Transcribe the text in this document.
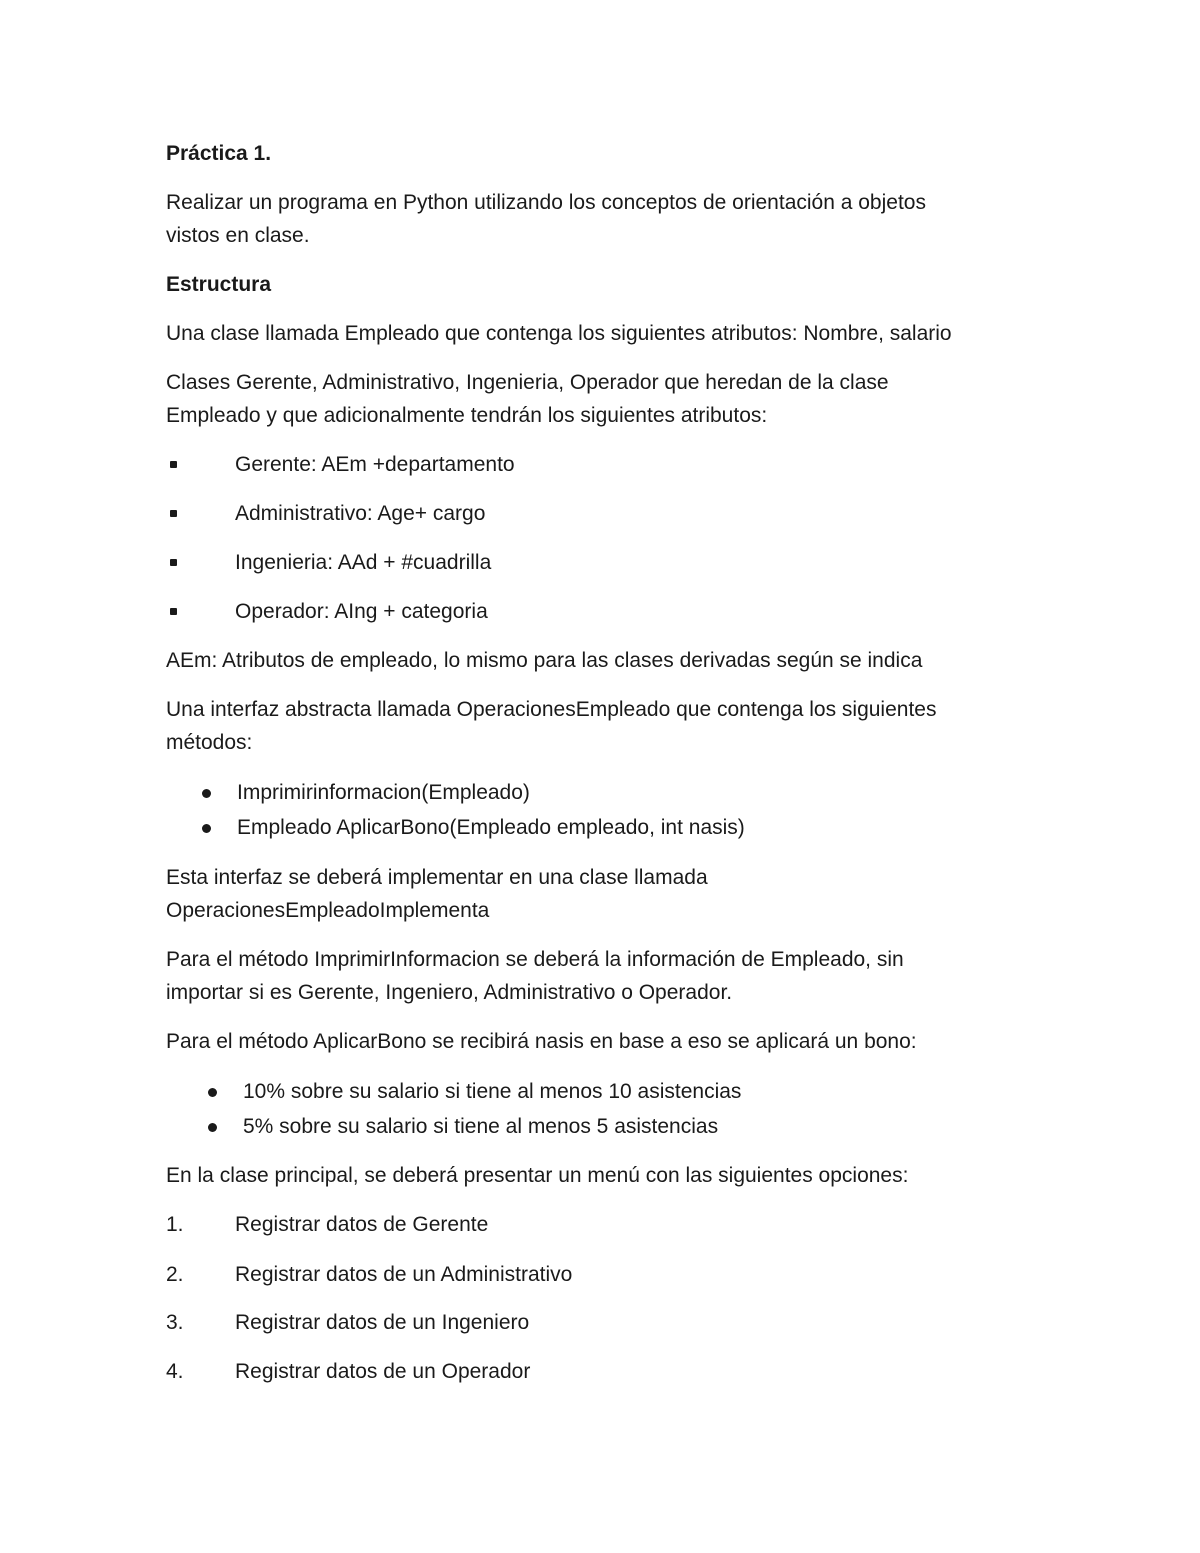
Práctica 1.

Realizar un programa en Python utilizando los conceptos de orientación a objetos

vistos en clase.

Estructura

Una clase llamada Empleado que contenga los siguientes atributos: Nombre, salario

Clases Gerente, Administrativo, Ingenieria, Operador que heredan de la clase

Empleado y que adicionalmente tendrán los siguientes atributos:

Gerente: AEm +departamento

Administrativo: Age+ cargo

Ingenieria: AAd + #cuadrilla

Operador: AIng + categoria

AEm: Atributos de empleado, lo mismo para las clases derivadas según se indica

Una interfaz abstracta llamada OperacionesEmpleado que contenga los siguientes

métodos:

Imprimirinformacion(Empleado)

Empleado AplicarBono(Empleado empleado, int nasis)

Esta interfaz se deberá implementar en una clase llamada

OperacionesEmpleadoImplementa

Para el método ImprimirInformacion se deberá la información de Empleado, sin

importar si es Gerente, Ingeniero, Administrativo o Operador.

Para el método AplicarBono se recibirá nasis en base a eso se aplicará un bono:

10% sobre su salario si tiene al menos 10 asistencias

5% sobre su salario si tiene al menos 5 asistencias

En la clase principal, se deberá presentar un menú con las siguientes opciones:

1. Registrar datos de Gerente

2. Registrar datos de un Administrativo

3. Registrar datos de un Ingeniero

4. Registrar datos de un Operador
